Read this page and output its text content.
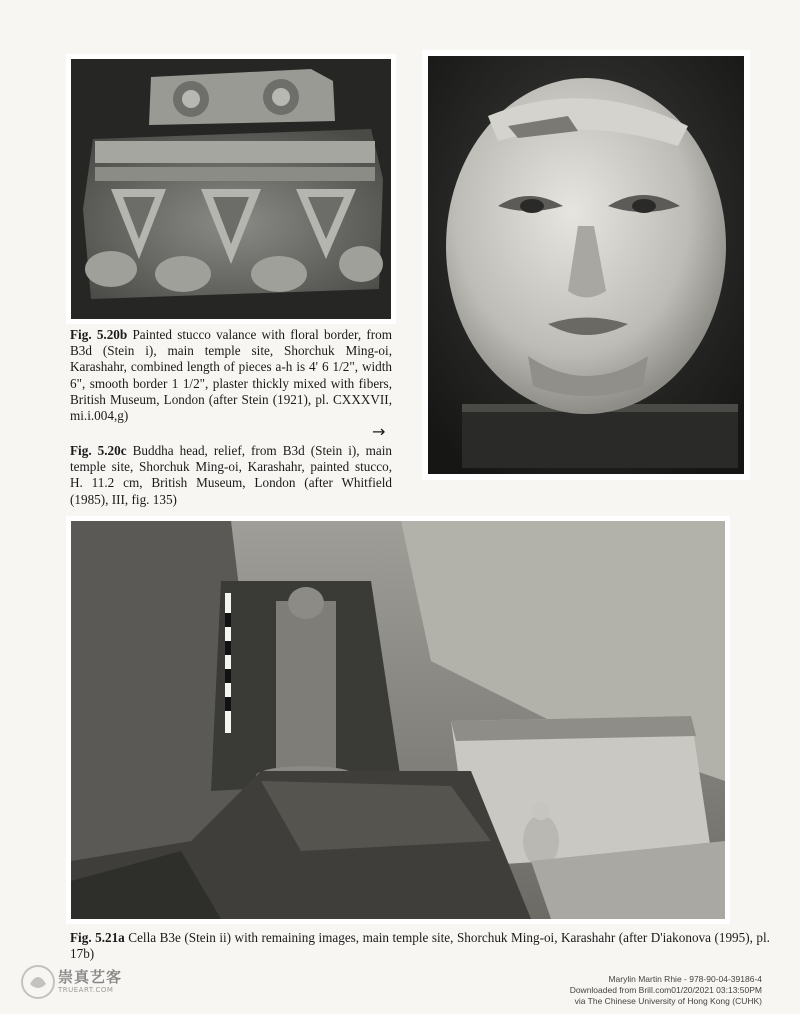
Fig. 5.20b Painted stucco valance with floral border, from B3d (Stein i), main temple site, Shorchuk Ming-oi, Karashahr, combined length of pieces a-h is 4' 6 1/2", width 6", smooth border 1 1/2", plaster thickly mixed with fibers, British Museum, London (after Stein (1921), pl. CXXXVII, mi.i.004,g)
→
Fig. 5.20c Buddha head, relief, from B3d (Stein i), main temple site, Shorchuk Ming-oi, Karashahr, painted stucco, H. 11.2 cm, British Museum, London (after Whitfield (1985), III, fig. 135)
Fig. 5.21a Cella B3e (Stein ii) with remaining images, main temple site, Shorchuk Ming-oi, Karashahr (after D'iakonova (1995), pl. 17b)
崇真艺客
TRUEART.COM
Marylin Martin Rhie - 978-90-04-39186-4
Downloaded from Brill.com01/20/2021 03:13:50PM
via The Chinese University of Hong Kong (CUHK)
